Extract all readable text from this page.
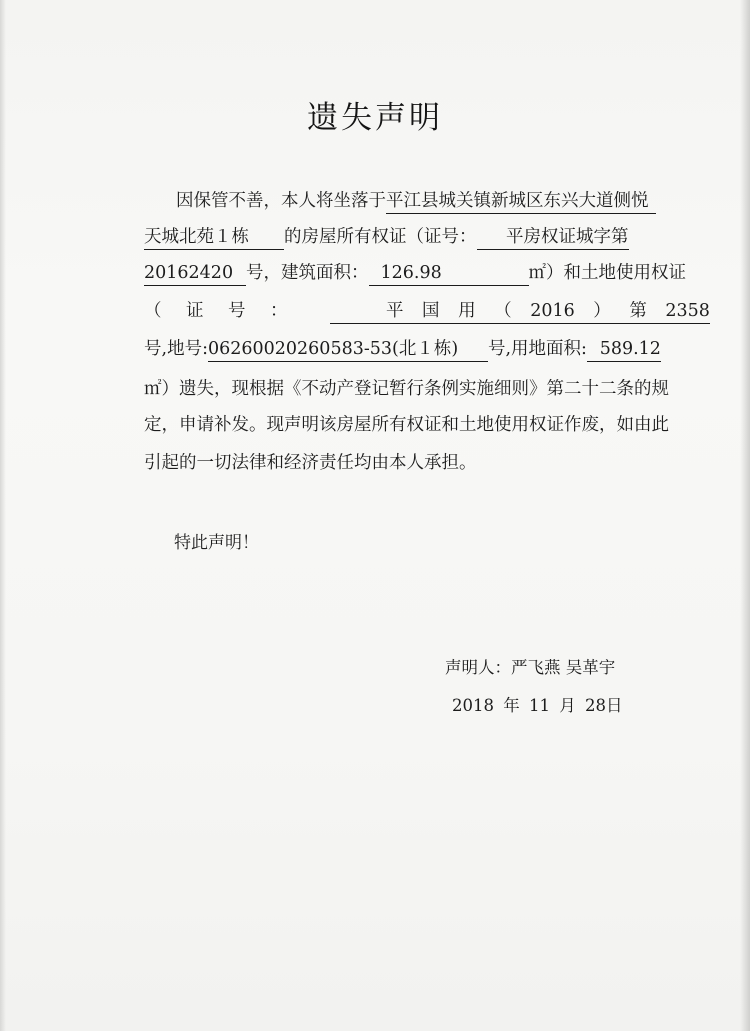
遗失声明
因保管不善，本人将坐落于平江县城关镇新城区东兴大道侧悦
天城北苑１栋 的房屋所有权证（证号： 平房权证城字第
20162420 号，建筑面积： 126.98	㎡）和土地使用权证
（ 证 号 ：	平 国 用 （ 2016 ） 第 2358
号,地号:06260020260583-53(北１栋) 号,用地面积: 589.12
㎡）遗失，现根据《不动产登记暂行条例实施细则》第二十二条的规
定，申请补发。现声明该房屋所有权证和土地使用权证作废，如由此
引起的一切法律和经济责任均由本人承担。
特此声明！
声明人：严飞燕 吴革宇
2018 年 11 月 28日
